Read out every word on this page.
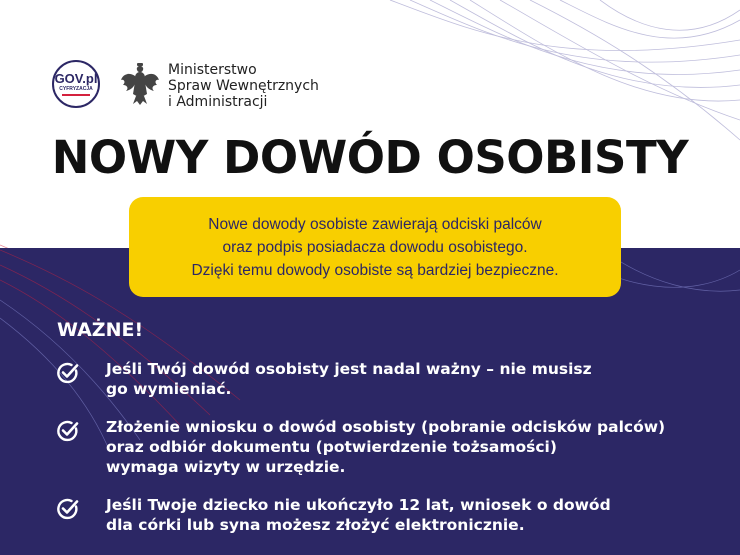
GOV.pl
CYFRYZACJA
Ministerstwo
Spraw Wewnętrznych
i Administracji
NOWY DOWÓD OSOBISTY
Nowe dowody osobiste zawierają odciski palców
oraz podpis posiadacza dowodu osobistego.
Dzięki temu dowody osobiste są bardziej bezpieczne.
WAŻNE!
Jeśli Twój dowód osobisty jest nadal ważny – nie musisz
go wymieniać.
Złożenie wniosku o dowód osobisty (pobranie odcisków palców)
oraz odbiór dokumentu (potwierdzenie tożsamości)
wymaga wizyty w urzędzie.
Jeśli Twoje dziecko nie ukończyło 12 lat, wniosek o dowód
dla córki lub syna możesz złożyć elektronicznie.
